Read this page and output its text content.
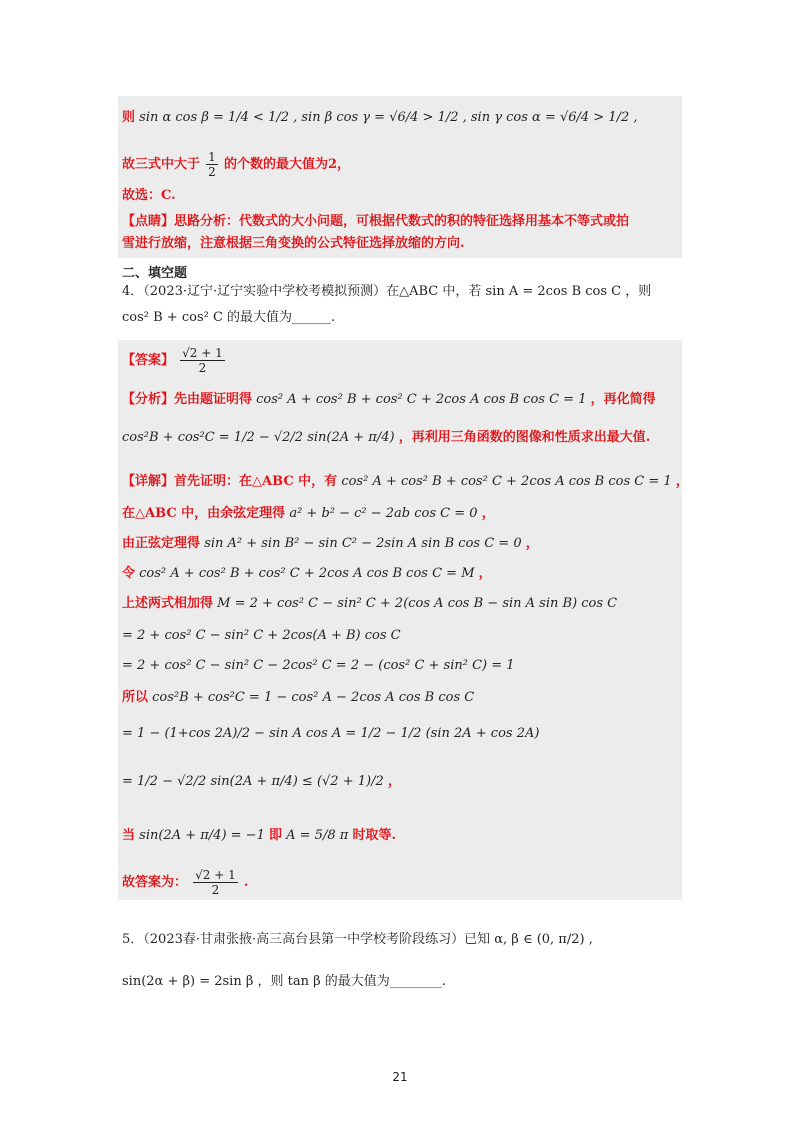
则 sin α cos β = 1/4 < 1/2 , sin β cos γ = √6/4 > 1/2 , sin γ cos α = √6/4 > 1/2 ,
故三式中大于 $\frac{1}{2}$ 的个数的最大值为2，
故选：C.
【点睛】思路分析：代数式的大小问题，可根据代数式的积的特征选择用基本不等式或拍
雪进行放缩，注意根据三角变换的公式特征选择放缩的方向.
二、填空题
4．（2023·辽宁·辽宁实验中学校考模拟预测）在△ABC 中，若 sin A = 2cos B cos C ，则
cos² B + cos² C 的最大值为______.
【答案】 $\frac{√2 + 1}{2}$
【分析】先由题证明得 cos² A + cos² B + cos² C + 2cos A cos B cos C = 1 ，再化简得
cos²B + cos²C = 1/2 − √2/2 sin(2A + π/4) ，再利用三角函数的图像和性质求出最大值.
【详解】首先证明：在△ABC 中，有 cos² A + cos² B + cos² C + 2cos A cos B cos C = 1 ，
在△ABC 中，由余弦定理得 a² + b² − c² − 2ab cos C = 0 ，
由正弦定理得 sin A² + sin B² − sin C² − 2sin A sin B cos C = 0 ，
令 cos² A + cos² B + cos² C + 2cos A cos B cos C = M ，
上述两式相加得 M = 2 + cos² C − sin² C + 2(cos A cos B − sin A sin B) cos C
= 2 + cos² C − sin² C + 2cos(A + B) cos C
= 2 + cos² C − sin² C − 2cos² C = 2 − (cos² C + sin² C) = 1
所以 cos²B + cos²C = 1 − cos² A − 2cos A cos B cos C
= 1 − (1+cos 2A)/2 − sin A cos A = 1/2 − 1/2 (sin 2A + cos 2A)
= 1/2 − √2/2 sin(2A + π/4) ≤ (√2 + 1)/2 ，
当 sin(2A + π/4) = −1 即 A = 5/8 π 时取等.
故答案为： $\frac{√2 + 1}{2}$ .
5．（2023春·甘肃张掖·高三高台县第一中学校考阶段练习）已知 α, β ∈ (0, π/2) ,
sin(2α + β) = 2sin β ，则 tan β 的最大值为________.
21
